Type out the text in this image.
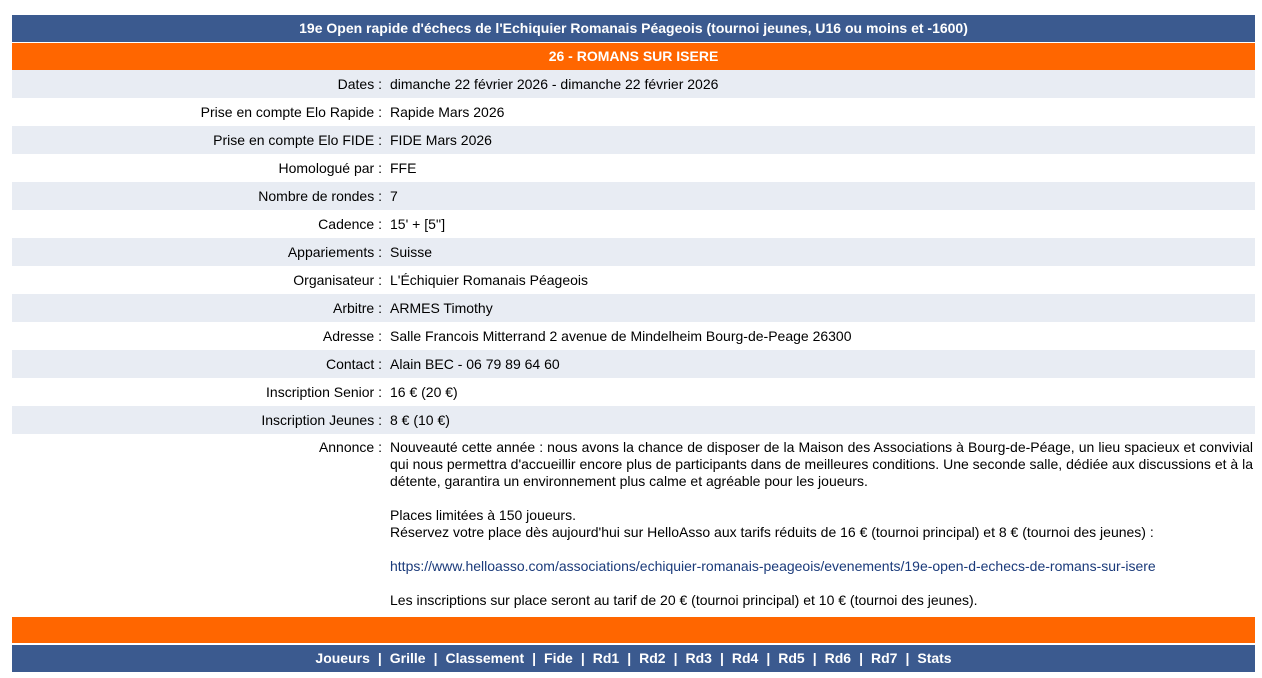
19e Open rapide d'échecs de l'Echiquier Romanais Péageois (tournoi jeunes, U16 ou moins et -1600)
26 - ROMANS SUR ISERE
Dates :	dimanche 22 février 2026 - dimanche 22 février 2026
Prise en compte Elo Rapide :	Rapide Mars 2026
Prise en compte Elo FIDE :	FIDE Mars 2026
Homologué par :	FFE
Nombre de rondes :	7
Cadence :	15' + [5'']
Appariements :	Suisse
Organisateur :	L'Échiquier Romanais Péageois
Arbitre :	ARMES Timothy
Adresse :	Salle Francois Mitterrand 2 avenue de Mindelheim Bourg-de-Peage 26300
Contact :	Alain BEC - 06 79 89 64 60
Inscription Senior :	16 € (20 €)
Inscription Jeunes :	8 € (10 €)
Annonce :	Nouveauté cette année : nous avons la chance de disposer de la Maison des Associations à Bourg-de-Péage, un lieu spacieux et convivial qui nous permettra d'accueillir encore plus de participants dans de meilleures conditions. Une seconde salle, dédiée aux discussions et à la détente, garantira un environnement plus calme et agréable pour les joueurs.

Places limitées à 150 joueurs.
Réservez votre place dès aujourd'hui sur HelloAsso aux tarifs réduits de 16 € (tournoi principal) et 8 € (tournoi des jeunes) :

https://www.helloasso.com/associations/echiquier-romanais-peageois/evenements/19e-open-d-echecs-de-romans-sur-isere

Les inscriptions sur place seront au tarif de 20 € (tournoi principal) et 10 € (tournoi des jeunes).

Joueurs | Grille | Classement | Fide | Rd1 | Rd2 | Rd3 | Rd4 | Rd5 | Rd6 | Rd7 | Stats
